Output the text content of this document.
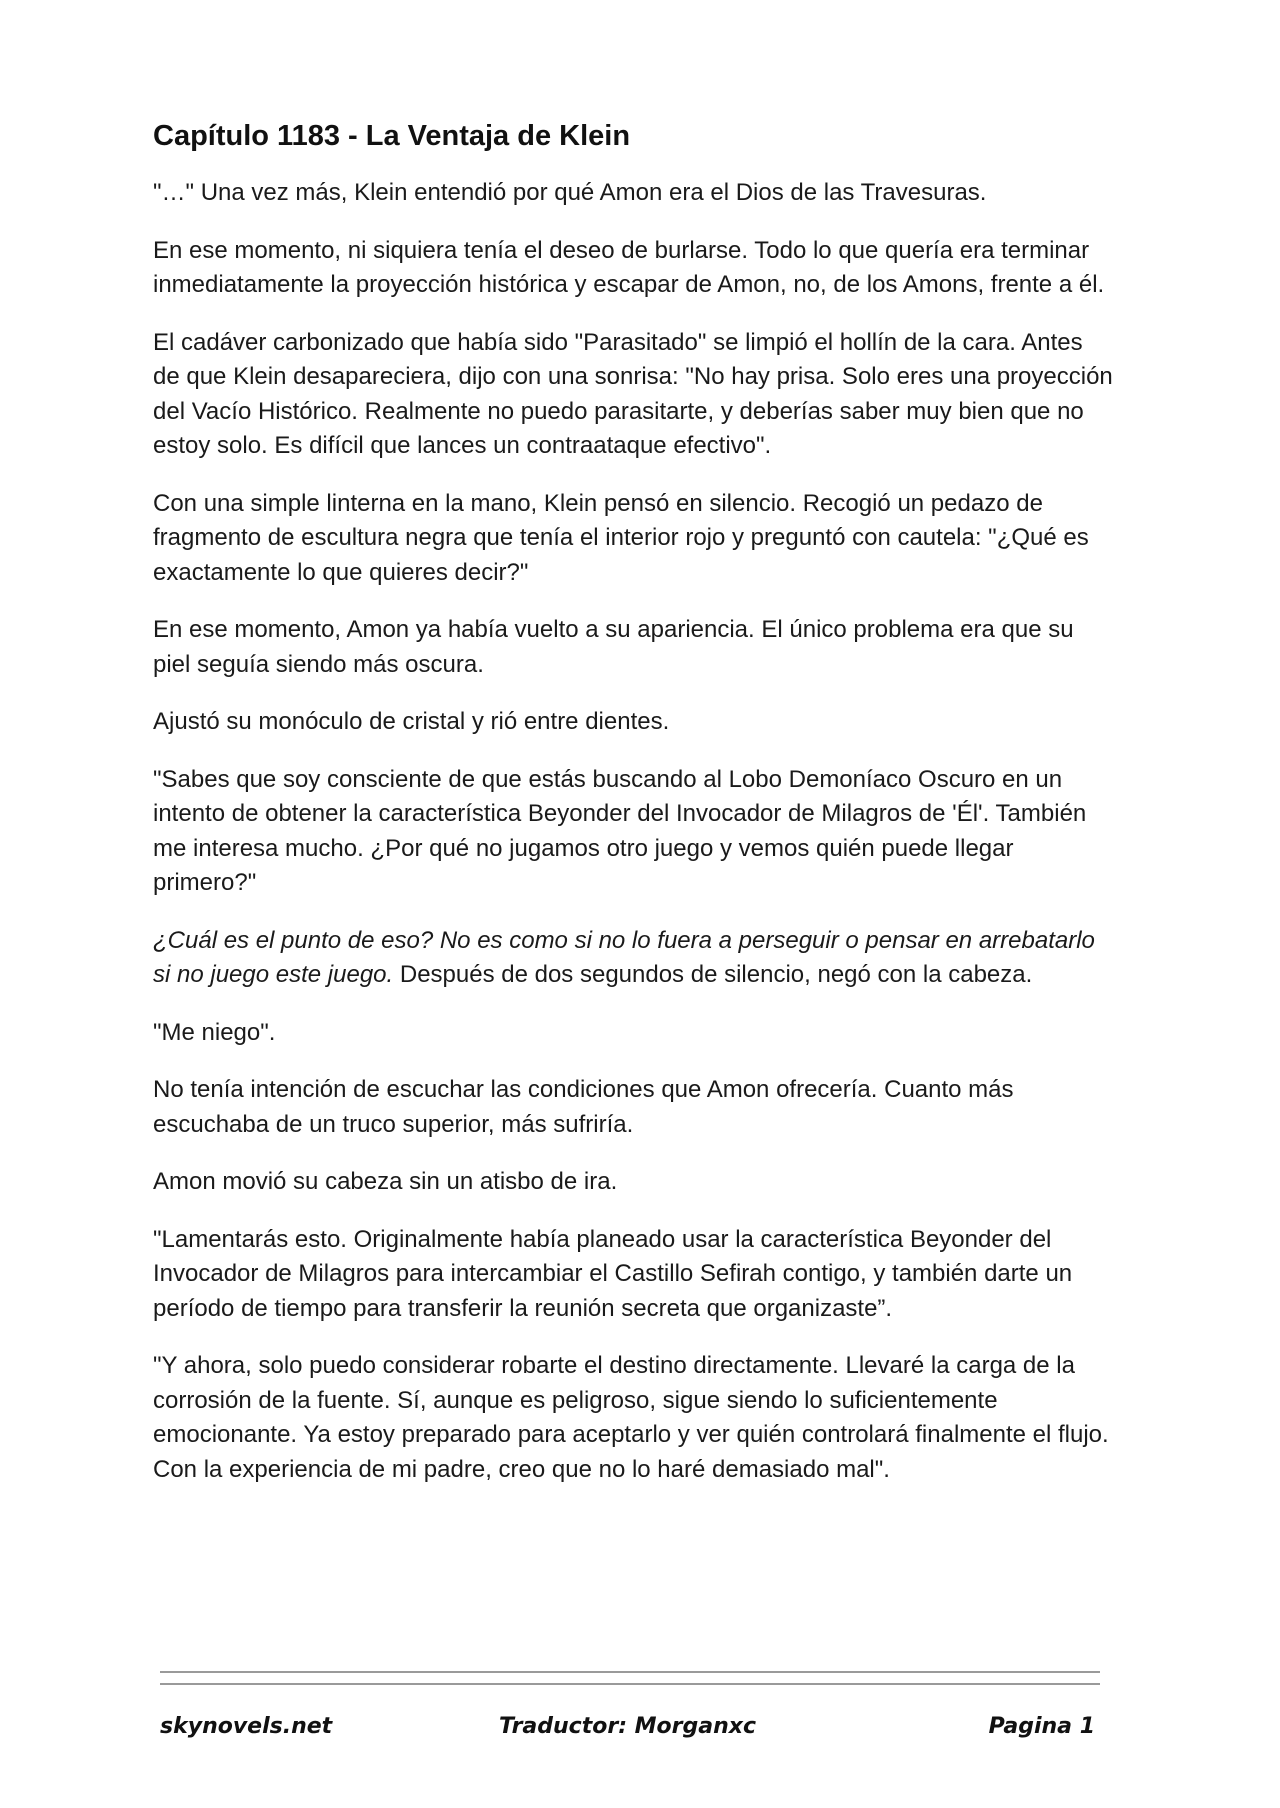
Capítulo 1183 - La Ventaja de Klein

"…" Una vez más, Klein entendió por qué Amon era el Dios de las Travesuras.

En ese momento, ni siquiera tenía el deseo de burlarse. Todo lo que quería era terminar inmediatamente la proyección histórica y escapar de Amon, no, de los Amons, frente a él.

El cadáver carbonizado que había sido "Parasitado" se limpió el hollín de la cara. Antes de que Klein desapareciera, dijo con una sonrisa: "No hay prisa. Solo eres una proyección del Vacío Histórico. Realmente no puedo parasitarte, y deberías saber muy bien que no estoy solo. Es difícil que lances un contraataque efectivo".

Con una simple linterna en la mano, Klein pensó en silencio. Recogió un pedazo de fragmento de escultura negra que tenía el interior rojo y preguntó con cautela: "¿Qué es exactamente lo que quieres decir?"

En ese momento, Amon ya había vuelto a su apariencia. El único problema era que su piel seguía siendo más oscura.

Ajustó su monóculo de cristal y rió entre dientes.

"Sabes que soy consciente de que estás buscando al Lobo Demoníaco Oscuro en un intento de obtener la característica Beyonder del Invocador de Milagros de 'Él'. También me interesa mucho. ¿Por qué no jugamos otro juego y vemos quién puede llegar primero?"

¿Cuál es el punto de eso? No es como si no lo fuera a perseguir o pensar en arrebatarlo si no juego este juego. Después de dos segundos de silencio, negó con la cabeza.

"Me niego".

No tenía intención de escuchar las condiciones que Amon ofrecería. Cuanto más escuchaba de un truco superior, más sufriría.

Amon movió su cabeza sin un atisbo de ira.

"Lamentarás esto. Originalmente había planeado usar la característica Beyonder del Invocador de Milagros para intercambiar el Castillo Sefirah contigo, y también darte un período de tiempo para transferir la reunión secreta que organizaste”.

"Y ahora, solo puedo considerar robarte el destino directamente. Llevaré la carga de la corrosión de la fuente. Sí, aunque es peligroso, sigue siendo lo suficientemente emocionante. Ya estoy preparado para aceptarlo y ver quién controlará finalmente el flujo. Con la experiencia de mi padre, creo que no lo haré demasiado mal".

skynovels.net	Traductor: Morganxc	Pagina 1
